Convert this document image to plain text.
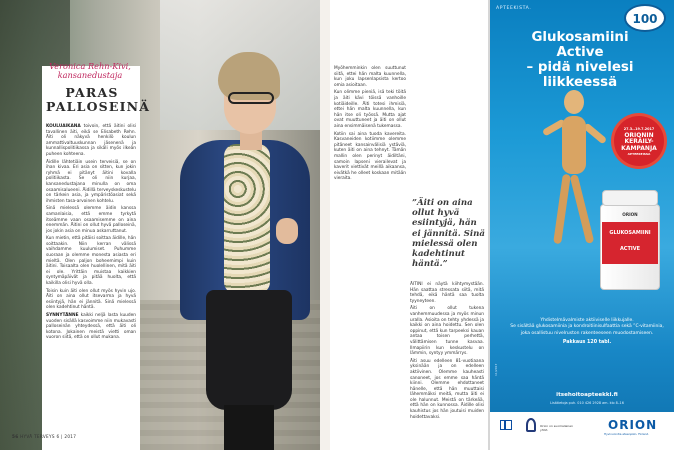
Veronica Rehn-Kivi, kansanedustaja
PARAS PALLOSEINÄ

KOULUAIKANA toivoin, että äitini olisi tavallinen äiti, eikä se Elisabeth Rehn. Äiti oli näkyvä henkilö koulun ammattivaltuuskunnan jäsenenä ja kunnallispolitiikassa ja sikäli myös ilkeän puheen kohteena.

Äidille lähtetiäin usein terveisiä, se on ihan kivaa. Eri asia on sitten, kun jokin ryhmä ei pitänyt äitini kovalla politiikasta. Se oli niin kurjaa, kansanedustajana minulla on oma osaamisalueeni. Äidillä terveyskeskustelu on tärkein asia, ja ympäristöasiat sekä ihmisten tasa-arvoinen kohtelu.

Sinä mielessä olemme äidin kanssa samanlaisia, että emme tyrkytä itseämme vaan osaamisemme on aina enemmän. Äitini on ollut hyvä palloseinä, jos jokin asia on minua askarruttanut.

Kun mietin, että pitäisi soittaa äidille, hän soittaakin. Niin kerran välissä vaihdamme kuulumiset. Puhumme suoraan ja olemme monesta asiasta eri mieltä. Olen paljon boheemimpi kuin äitini. Toisaalta olen huolellinen, mitä äiti ei ole. Yrittäin muistaa kaikkien syntymäpäivät ja pitää huolta, että kaikilla olisi hyvä olla.

Toisin kuin äiti olen ollut myös hyvin ujo. Äiti on aina ollut itsevarma ja hyvä esiintyjä, hän ei jännitä. Sinä mielessä olen kadehtinut häntä.

SYNNYTÄNNE kaikki neljä lasta kuuden vuoden sisällä kasvoimme niin mukavasti palloseinän yhteydessä, että äiti oli kotona. Jokainen meistä vietti oman vuoron siitä, että on ollut mukana.

Myöhemminkin olen suuttunut siitä, ettei hän malta kuunnella, kun joku lapsenlapsista kertoo omia asioitaan.

Kun olimme pieniä, isä teki töitä ja äiti kävi töissä vanhoille kotiäideille. Äiti totesi ihmisiä, ettei hän malta kuunnella, kun hän itse oli työssä. Mutta ajat ovat muuttuneet ja äiti on ollut aina ensimmäisenä tukemassa.

Kotiin sai aina tuoda kavereita. Kasvaneiden kotiimme olemme pitäneet kansainvälisiä ystäviä, kuten äiti on aina tehnyt. Tämän mallin olen perinyt äidiltäni, samoin lapseni vierailevat ja kaverit viettivät meillä aikaansa, eivätkä he olleet koskaan mitään vieraita.

”Äiti on aina ollut hyvä esiintyjä, hän ei jännitä. Sinä mielessä olen kadehtinut häntä.”

ÄITINI ei näytä kiihtymystään. Hän saattaa stressata siitä, mitä tehdä, eikä häntä saa tuolta tyyneyteen.

Äiti on ollut tukena vanhemmuudessa ja myös minun uralla. Asioita on tehty yhdessä ja kaikki on aina hoidettu. Sen olen oppinut, että kun tarpeeksi kauan antaa toisen perhettä, välittämisen tunne kasvaa. Ilmapiirin kun keskustelu on lämmin, syntyy ymmärrys.

Äiti asuu edelleen 81-vuotiaana yksinään ja on edelleen aktiivinen. Olemme kauheasti sanoneet, jos emme saa häntä kiinni. Olemme ehdottaneet hänelle, että hän muuttaisi lähemmäksi meitä, mutta äiti ei ole halunnut. Meistä on tärkeää, että hän on kunnossa. Äidille olisi kauhistus jos hän joutuisi muiden hoidettavaksi.

56 HYVÄ TERVEYS 6 | 2017
APTEEKISTA.
100
Glukosamiini
Active
– pidä nivelesi
liikkeessä
27.3.–19.7.2017
ORIONIN KERÄILY-KAMPANJA
APTEEKEISSA
ORION
GLUKOSAMIINI
ACTIVE
Yhdistelmävalmiste aktiiviselle liikkujalle.
Se sisältää glukosamiinia ja kondroitiinisulfaattia sekä ”C-vitamiinia, joka osallistuu nivelruston rakenteeseen muodostamiseen.
Pakkaus 120 tabl.
itsehoitoapteekki.fi
Lisätietoja puh. 010 426 2928 am. klo 8–16
11/2017
Orion on suomalainen yhtiö	ORION
Hyvinvointia eteenpäin. Finland.
